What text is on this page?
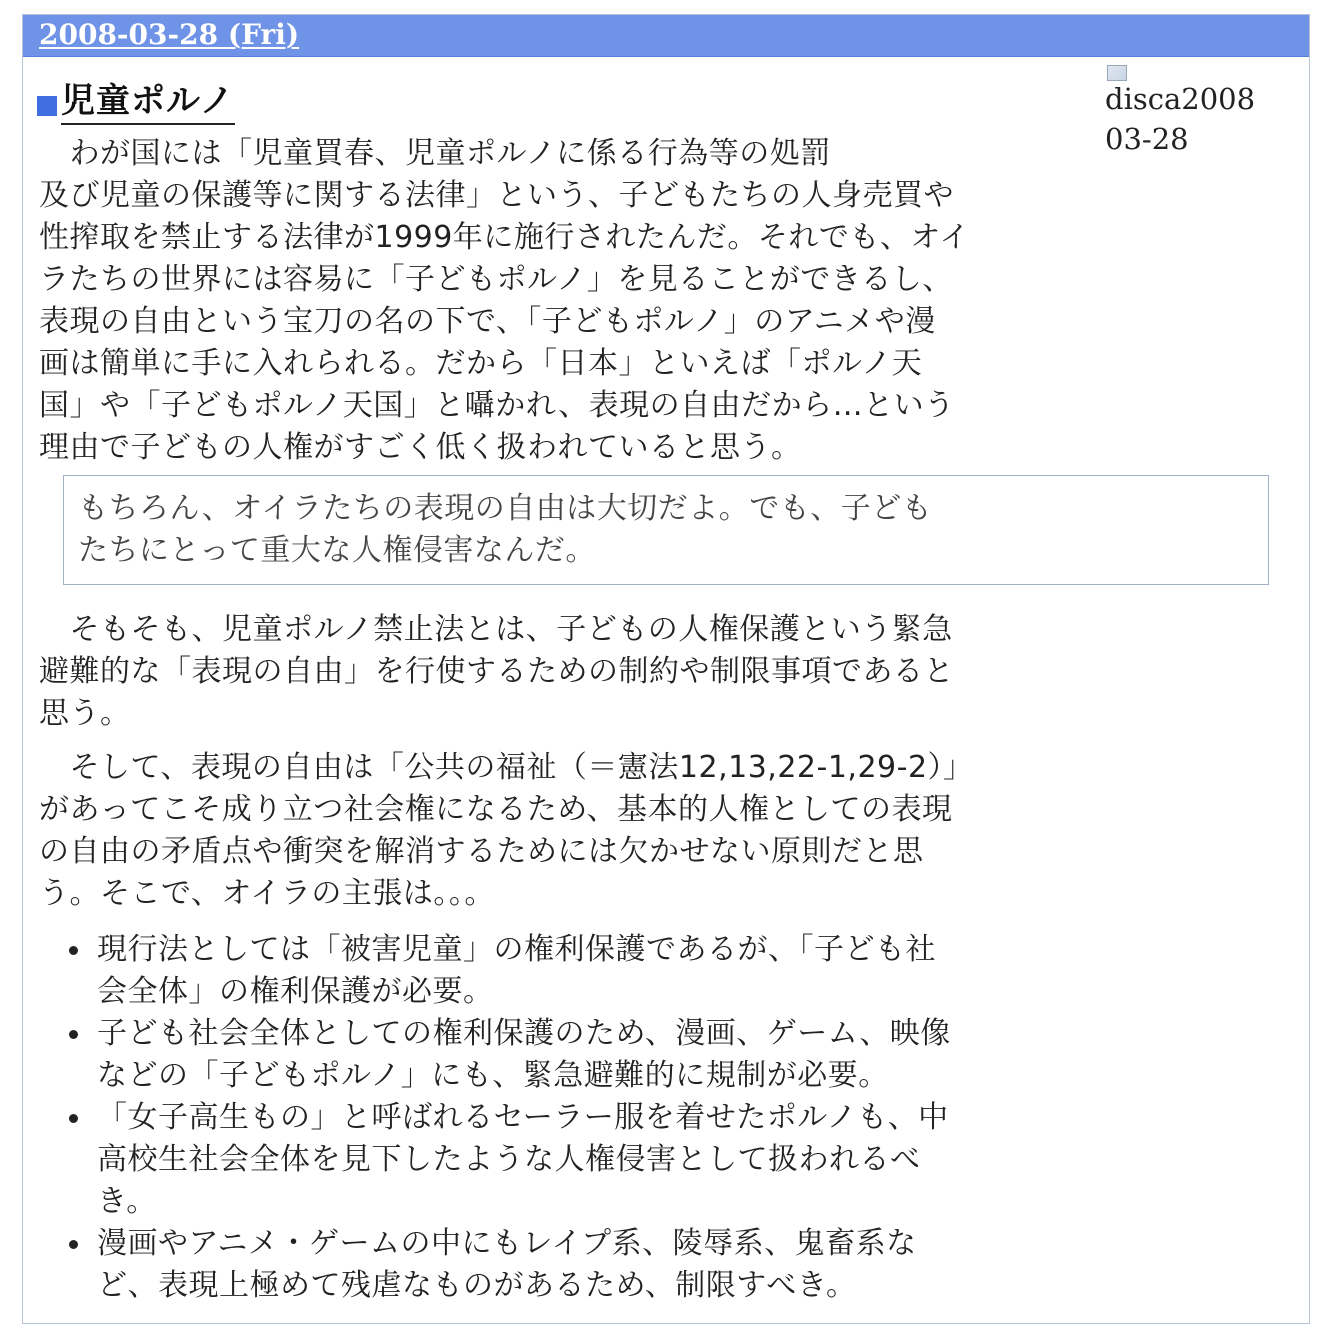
2008-03-28 (Fri)
児童ポルノ	disca2008
03-28

　わが国には「児童買春、児童ポルノに係る行為等の処罰
及び児童の保護等に関する法律」という、子どもたちの人身売買や
性搾取を禁止する法律が1999年に施行されたんだ。それでも、オイ
ラたちの世界には容易に「子どもポルノ」を見ることができるし、
表現の自由という宝刀の名の下で、「子どもポルノ」のアニメや漫
画は簡単に手に入れられる。だから「日本」といえば「ポルノ天
国」や「子どもポルノ天国」と囁かれ、表現の自由だから…という
理由で子どもの人権がすごく低く扱われていると思う。

もちろん、オイラたちの表現の自由は大切だよ。でも、子ども
たちにとって重大な人権侵害なんだ。

　そもそも、児童ポルノ禁止法とは、子どもの人権保護という緊急
避難的な「表現の自由」を行使するための制約や制限事項であると
思う。

　そして、表現の自由は「公共の福祉（＝憲法12,13,22-1,29-2）」
があってこそ成り立つ社会権になるため、基本的人権としての表現
の自由の矛盾点や衝突を解消するためには欠かせない原則だと思
う。そこで、オイラの主張は。。。

現行法としては「被害児童」の権利保護であるが、「子ども社
会全体」の権利保護が必要。
子ども社会全体としての権利保護のため、漫画、ゲーム、映像
などの「子どもポルノ」にも、緊急避難的に規制が必要。
「女子高生もの」と呼ばれるセーラー服を着せたポルノも、中
高校生社会全体を見下したような人権侵害として扱われるべ
き。
漫画やアニメ・ゲームの中にもレイプ系、陵辱系、鬼畜系な
ど、表現上極めて残虐なものがあるため、制限すべき。
